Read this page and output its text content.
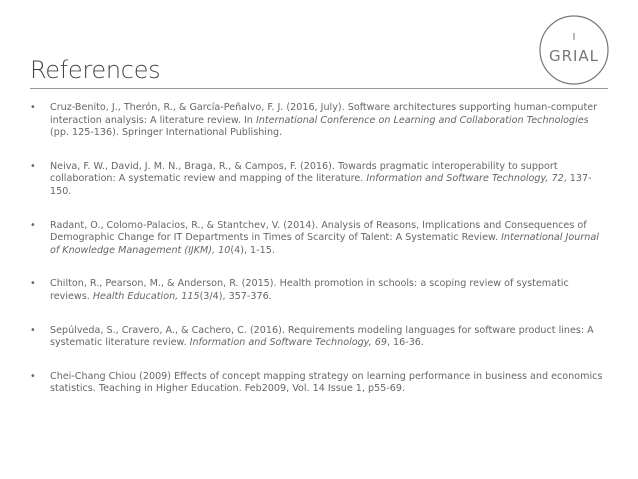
References
I
GRIAL
• Cruz-Benito, J., Therón, R., & García-Peñalvo, F. J. (2016, July). Software architectures supporting human-computer interaction analysis: A literature review. In International Conference on Learning and Collaboration Technologies (pp. 125-136). Springer International Publishing.
• Neiva, F. W., David, J. M. N., Braga, R., & Campos, F. (2016). Towards pragmatic interoperability to support collaboration: A systematic review and mapping of the literature. Information and Software Technology, 72, 137-150.
• Radant, O., Colomo-Palacios, R., & Stantchev, V. (2014). Analysis of Reasons, Implications and Consequences of Demographic Change for IT Departments in Times of Scarcity of Talent: A Systematic Review. International Journal of Knowledge Management (IJKM), 10(4), 1-15.
• Chilton, R., Pearson, M., & Anderson, R. (2015). Health promotion in schools: a scoping review of systematic reviews. Health Education, 115(3/4), 357-376.
• Sepúlveda, S., Cravero, A., & Cachero, C. (2016). Requirements modeling languages for software product lines: A systematic literature review. Information and Software Technology, 69, 16-36.
• Chei-Chang Chiou (2009) Effects of concept mapping strategy on learning performance in business and economics statistics. Teaching in Higher Education. Feb2009, Vol. 14 Issue 1, p55-69.
